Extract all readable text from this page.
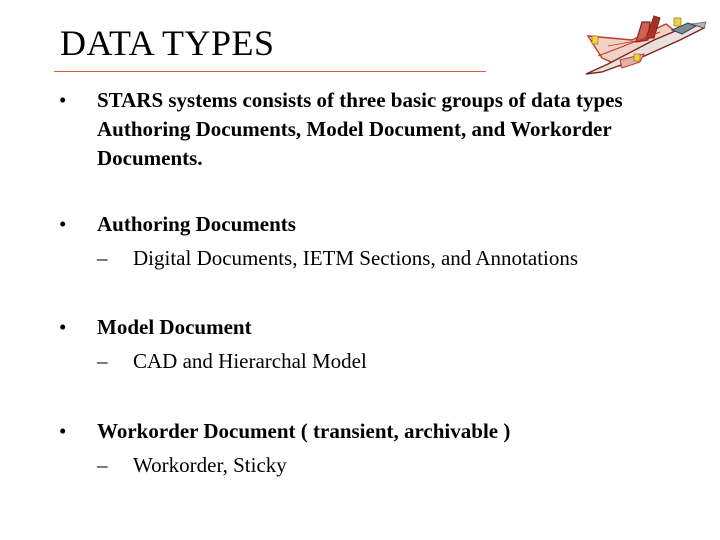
DATA TYPES
• STARS systems consists of three basic groups of data types Authoring Documents, Model Document, and Workorder Documents.
• Authoring Documents
– Digital Documents, IETM Sections, and Annotations
• Model Document
– CAD and Hierarchal Model
• Workorder Document ( transient, archivable )
– Workorder, Sticky
